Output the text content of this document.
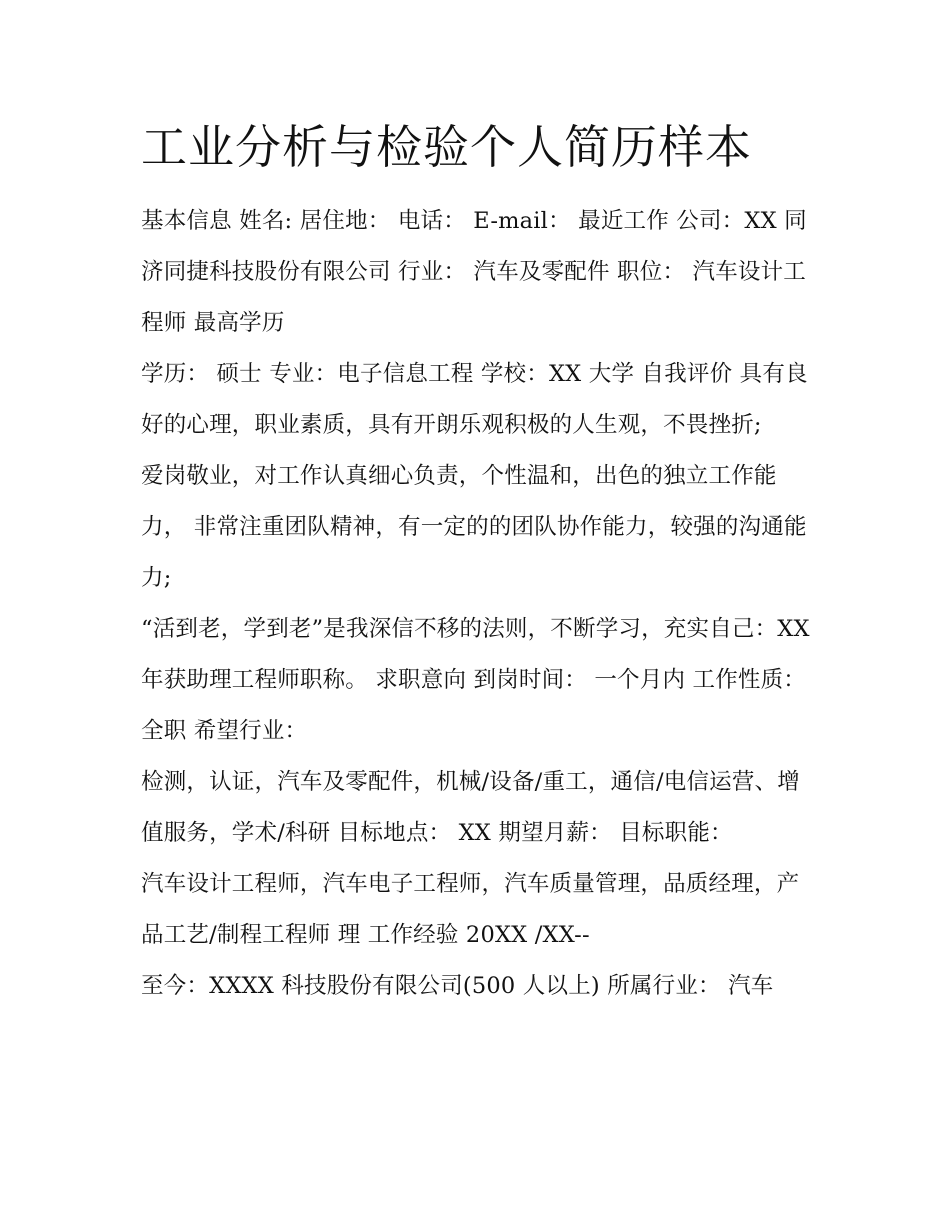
工业分析与检验个人简历样本

基本信息 姓名: 居住地： 电话： E-mail： 最近工作 公司：XX 同济同捷科技股份有限公司 行业： 汽车及零配件 职位： 汽车设计工程师 最高学历

学历： 硕士 专业：电子信息工程 学校：XX 大学 自我评价 具有良好的心理，职业素质，具有开朗乐观积极的人生观，不畏挫折;

爱岗敬业，对工作认真细心负责，个性温和，出色的独立工作能力， 非常注重团队精神，有一定的的团队协作能力，较强的沟通能力;

“活到老，学到老”是我深信不移的法则，不断学习，充实自己：XX 年获助理工程师职称。 求职意向 到岗时间： 一个月内 工作性质： 全职 希望行业：

检测，认证，汽车及零配件，机械/设备/重工，通信/电信运营、增值服务，学术/科研 目标地点： XX 期望月薪： 目标职能：

汽车设计工程师，汽车电子工程师，汽车质量管理，品质经理，产品工艺/制程工程师 理 工作经验 20XX /XX--

至今：XXXX 科技股份有限公司(500 人以上) 所属行业： 汽车
